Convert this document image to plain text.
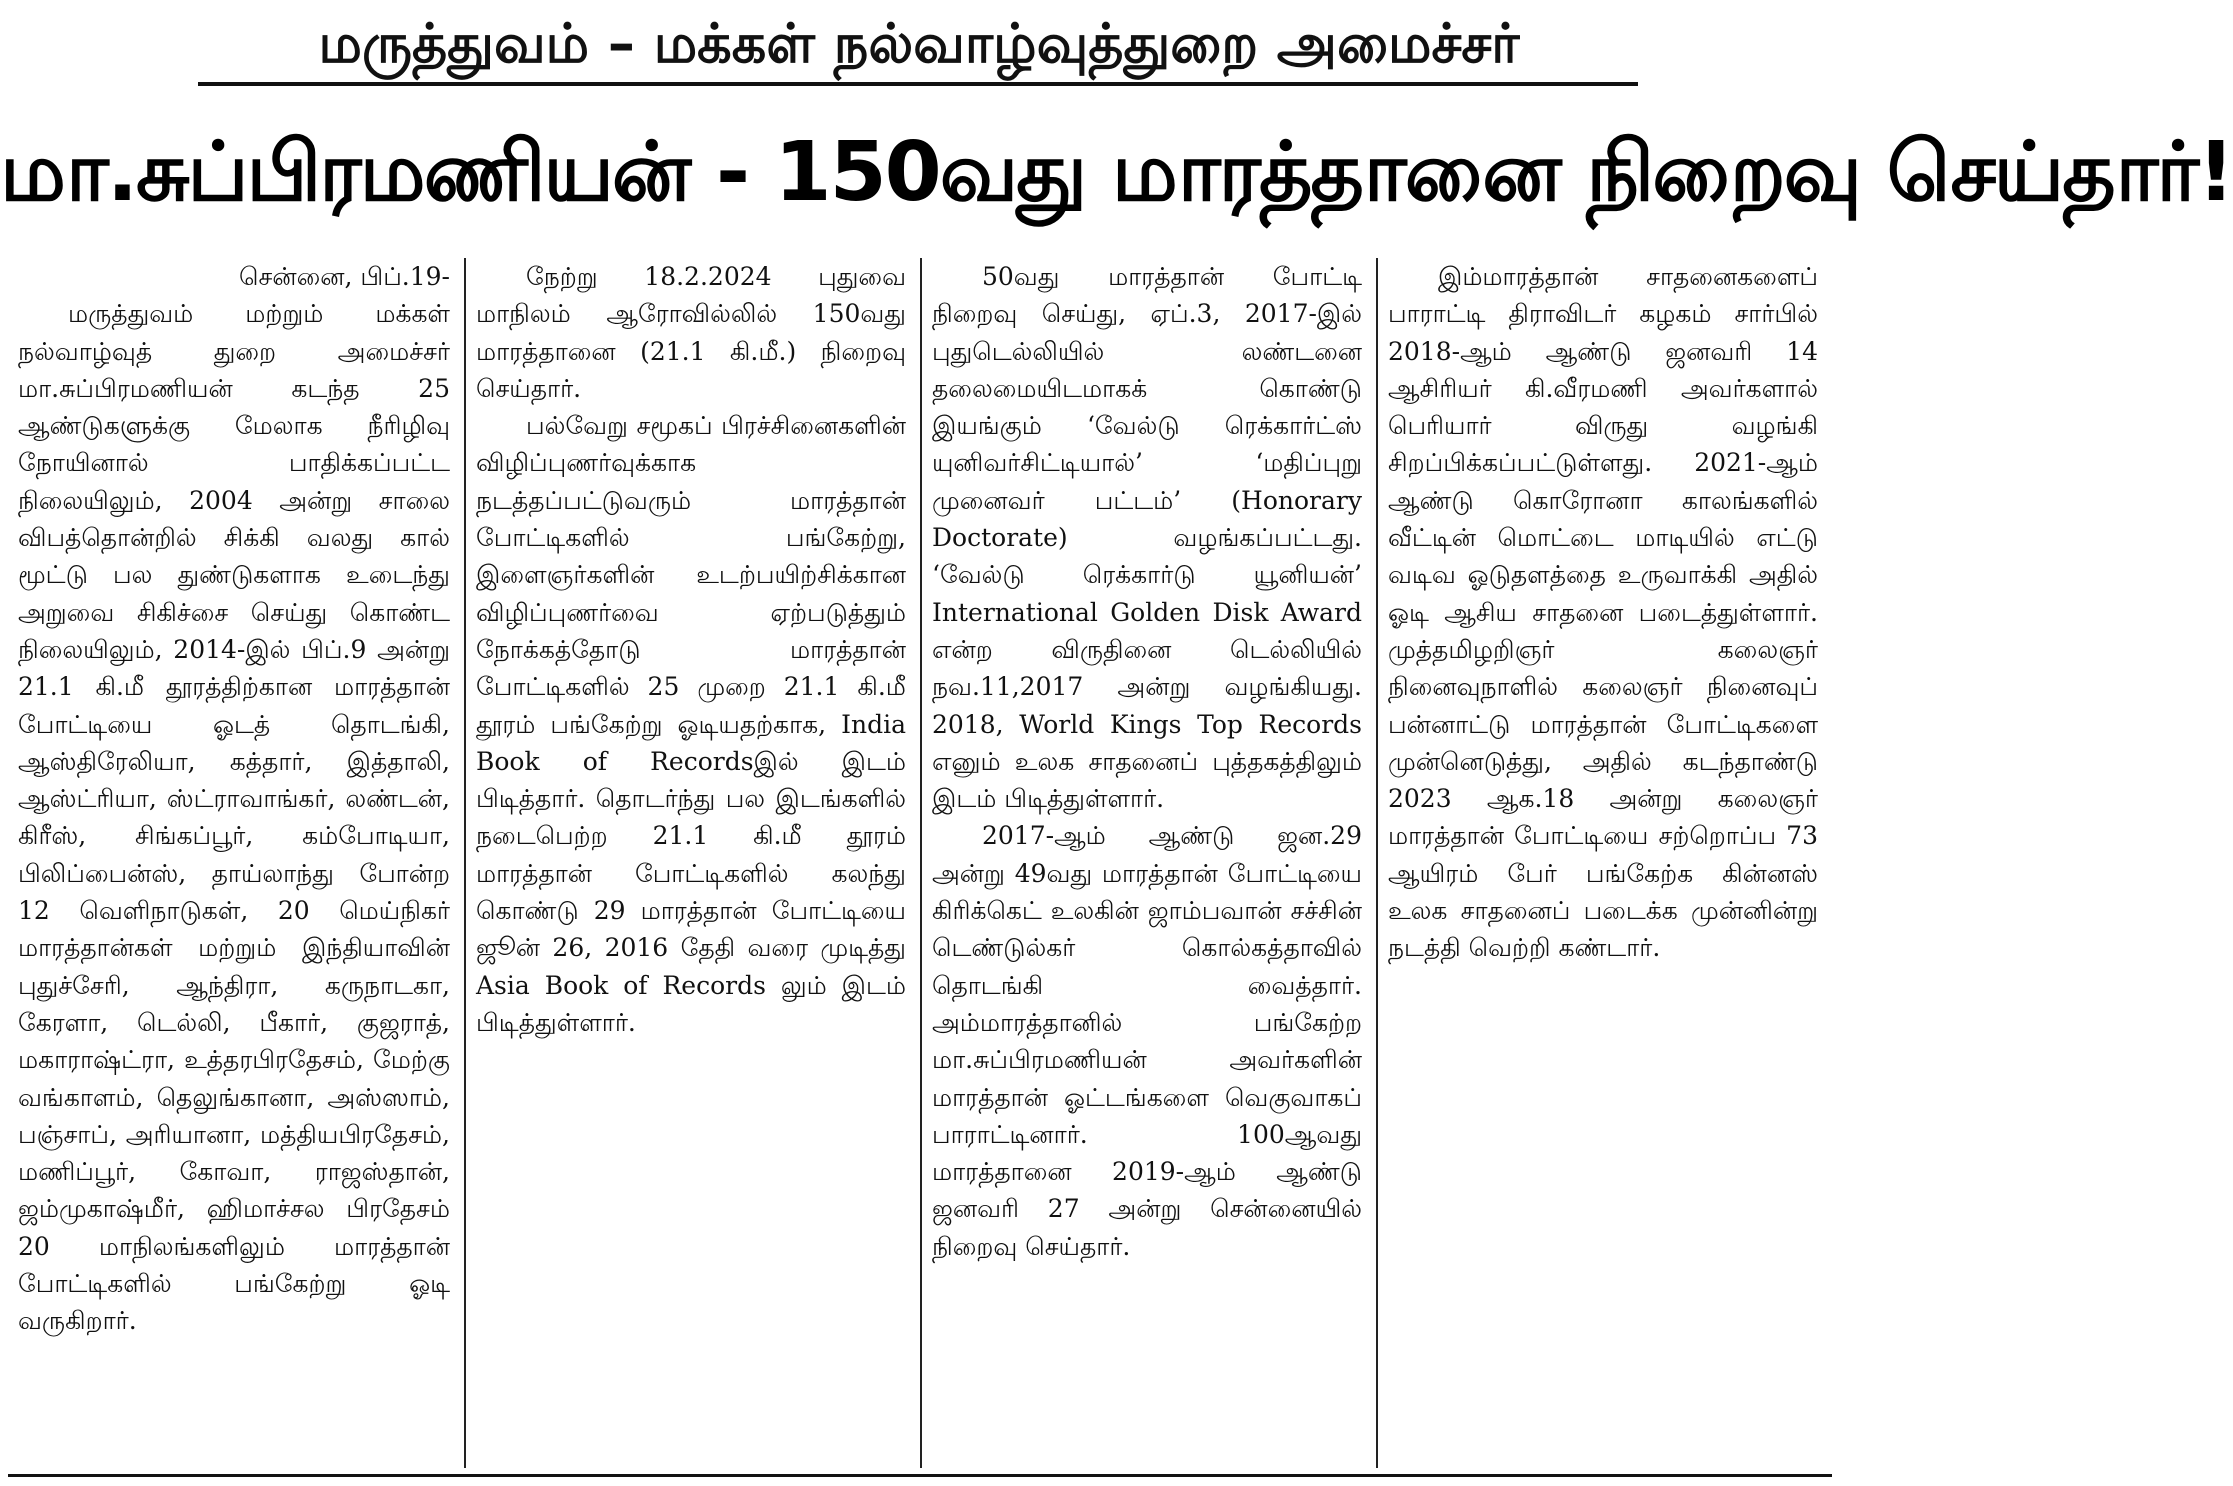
மருத்துவம் – மக்கள் நல்வாழ்வுத்துறை அமைச்சர்
மா.சுப்பிரமணியன் - 150வது மாரத்தானை நிறைவு செய்தார்!

சென்னை, பிப்.19-

மருத்துவம் மற்றும் மக்கள் நல்வாழ்வுத் துறை அமைச்சர் மா.சுப்பிரமணியன் கடந்த 25 ஆண்டுகளுக்கு மேலாக நீரிழிவு நோயினால் பாதிக்கப்பட்ட நிலையிலும், 2004 அன்று சாலை விபத்தொன்றில் சிக்கி வலது கால் மூட்டு பல துண்டுகளாக உடைந்து அறுவை சிகிச்சை செய்து கொண்ட நிலையிலும், 2014-இல் பிப்.9 அன்று 21.1 கி.மீ தூரத்திற்கான மாரத்தான் போட்டியை ஓடத் தொடங்கி, ஆஸ்திரேலியா, கத்தார், இத்தாலி, ஆஸ்ட்ரியா, ஸ்ட்ராவாங்கர், லண்டன், கிரீஸ், சிங்கப்பூர், கம்போடியா, பிலிப்பைன்ஸ், தாய்லாந்து போன்ற 12 வெளிநாடுகள், 20 மெய்நிகர் மாரத்தான்கள் மற்றும் இந்தியாவின் புதுச்சேரி, ஆந்திரா, கருநாடகா, கேரளா, டெல்லி, பீகார், குஜராத், மகாராஷ்ட்ரா, உத்தரபிரதேசம், மேற்கு வங்காளம், தெலுங்கானா, அஸ்ஸாம், பஞ்சாப், அரியானா, மத்தியபிரதேசம், மணிப்பூர், கோவா, ராஜஸ்தான், ஜம்முகாஷ்மீர், ஹிமாச்சல பிரதேசம் 20 மாநிலங்களிலும் மாரத்தான் போட்டிகளில் பங்கேற்று ஓடி வருகிறார்.

நேற்று 18.2.2024 புதுவை மாநிலம் ஆரோவில்லில் 150வது மாரத்தானை (21.1 கி.மீ.) நிறைவு செய்தார்.

பல்வேறு சமூகப் பிரச்சினைகளின் விழிப்புணர்வுக்காக நடத்தப்பட்டுவரும் மாரத்தான் போட்டிகளில் பங்கேற்று, இளைஞர்களின் உடற்பயிற்சிக்கான விழிப்புணர்வை ஏற்படுத்தும் நோக்கத்தோடு மாரத்தான் போட்டிகளில் 25 முறை 21.1 கி.மீ தூரம் பங்கேற்று ஓடியதற்காக, India Book of Recordsஇல் இடம் பிடித்தார். தொடர்ந்து பல இடங்களில் நடைபெற்ற 21.1 கி.மீ தூரம் மாரத்தான் போட்டிகளில் கலந்து கொண்டு 29 மாரத்தான் போட்டியை ஜூன் 26, 2016 தேதி வரை முடித்து Asia Book of Records லும் இடம் பிடித்துள்ளார்.

50வது மாரத்தான் போட்டி நிறைவு செய்து, ஏப்.3, 2017-இல் புதுடெல்லியில் லண்டனை தலைமையிடமாகக் கொண்டு இயங்கும் ‘வேல்டு ரெக்கார்ட்ஸ் யுனிவர்சிட்டியால்’ ‘மதிப்புறு முனைவர் பட்டம்’ (Honorary Doctorate) வழங்கப்பட்டது. ‘வேல்டு ரெக்கார்டு யூனியன்’ International Golden Disk Award என்ற விருதினை டெல்லியில் நவ.11,2017 அன்று வழங்கியது. 2018, World Kings Top Records எனும் உலக சாதனைப் புத்தகத்திலும் இடம் பிடித்துள்ளார்.

2017-ஆம் ஆண்டு ஜன.29 அன்று 49வது மாரத்தான் போட்டியை கிரிக்கெட் உலகின் ஜாம்பவான் சச்சின் டெண்டுல்கர் கொல்கத்தாவில் தொடங்கி வைத்தார். அம்மாரத்தானில் பங்கேற்ற மா.சுப்பிரமணியன் அவர்களின் மாரத்தான் ஓட்டங்களை வெகுவாகப் பாராட்டினார். 100ஆவது மாரத்தானை 2019-ஆம் ஆண்டு ஜனவரி 27 அன்று சென்னையில் நிறைவு செய்தார்.

இம்மாரத்தான் சாதனைகளைப் பாராட்டி திராவிடர் கழகம் சார்பில் 2018-ஆம் ஆண்டு ஜனவரி 14 ஆசிரியர் கி.வீரமணி அவர்களால் பெரியார் விருது வழங்கி சிறப்பிக்கப்பட்டுள்ளது. 2021-ஆம் ஆண்டு கொரோனா காலங்களில் வீட்டின் மொட்டை மாடியில் எட்டு வடிவ ஓடுதளத்தை உருவாக்கி அதில் ஓடி ஆசிய சாதனை படைத்துள்ளார். முத்தமிழறிஞர் கலைஞர் நினைவுநாளில் கலைஞர் நினைவுப் பன்னாட்டு மாரத்தான் போட்டிகளை முன்னெடுத்து, அதில் கடந்தாண்டு 2023 ஆக.18 அன்று கலைஞர் மாரத்தான் போட்டியை சற்றொப்ப 73 ஆயிரம் பேர் பங்கேற்க கின்னஸ் உலக சாதனைப் படைக்க முன்னின்று நடத்தி வெற்றி கண்டார்.
